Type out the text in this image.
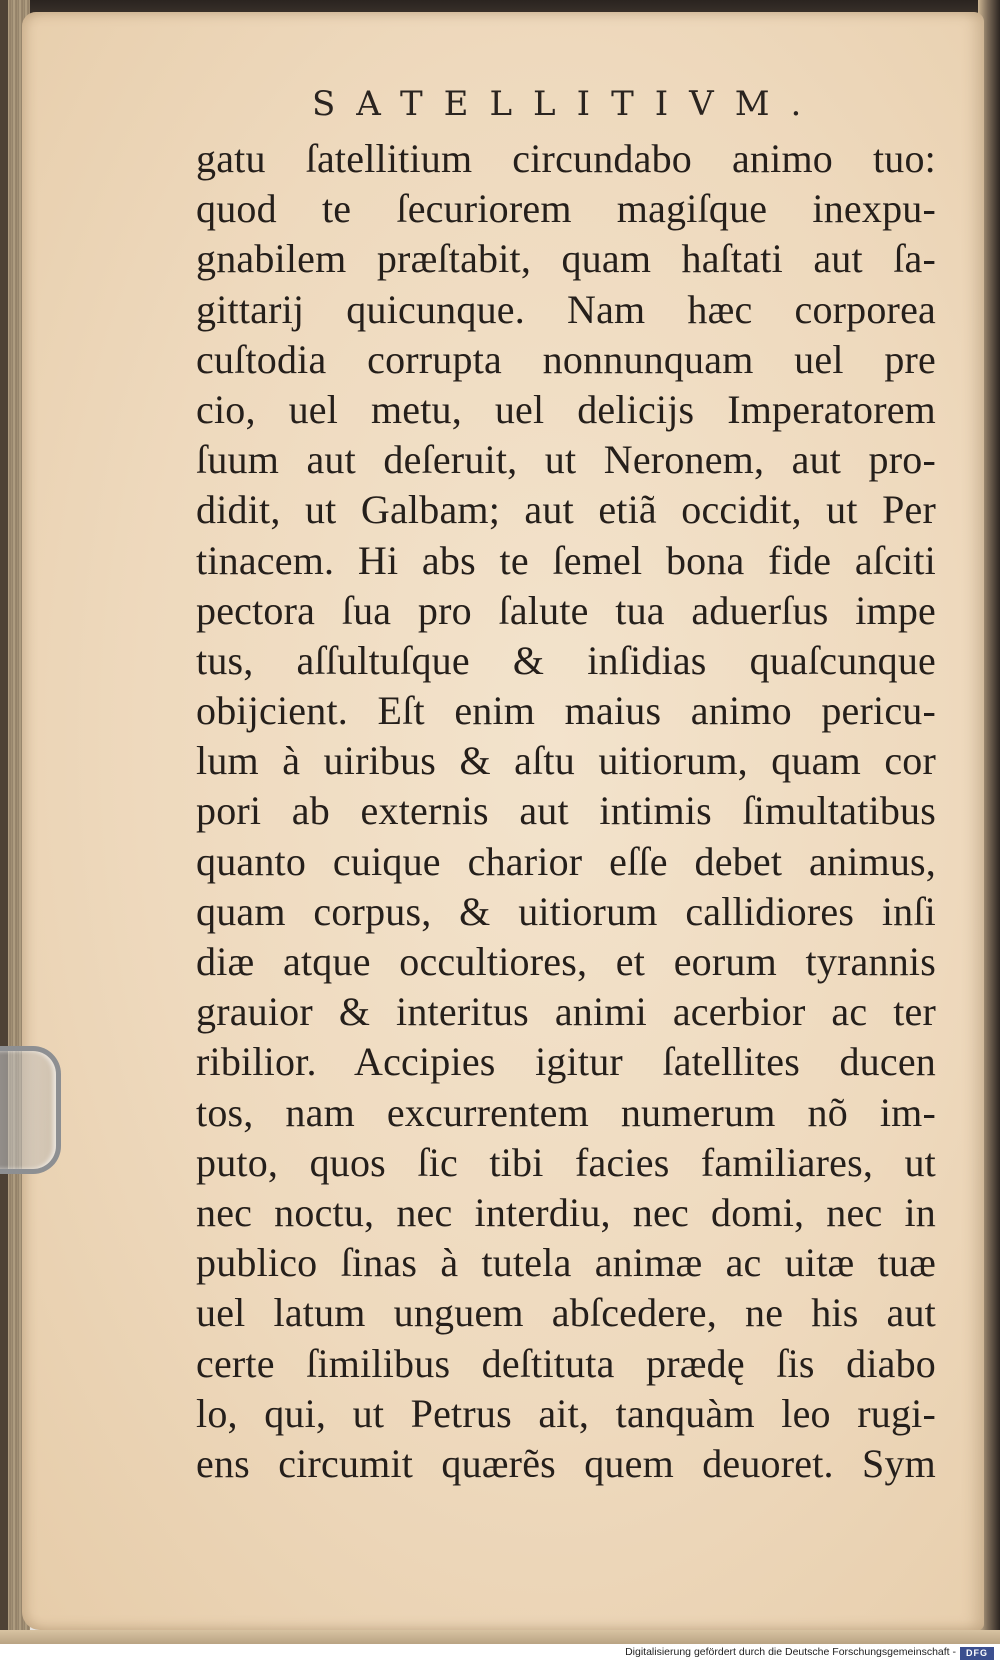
SATELLITIVM.
gatu ſatellitium circundabo animo tuo:
quod te ſecuriorem magiſque inexpu-
gnabilem præſtabit, quam haſtati aut ſa-
gittarij quicunque. Nam hæc corporea
cuſtodia corrupta nonnunquam uel pre
cio, uel metu, uel delicijs Imperatorem
ſuum aut deſeruit, ut Neronem, aut pro-
didit, ut Galbam; aut etiã occidit, ut Per
tinacem. Hi abs te ſemel bona fide aſciti
pectora ſua pro ſalute tua aduerſus impe
tus, aſſultuſque & inſidias quaſcunque
obijcient. Eſt enim maius animo pericu-
lum à uiribus & aſtu uitiorum, quam cor
pori ab externis aut intimis ſimultatibus
quanto cuique charior eſſe debet animus,
quam corpus, & uitiorum callidiores inſi
diæ atque occultiores, et eorum tyrannis
grauior & interitus animi acerbior ac ter
ribilior. Accipies igitur ſatellites ducen
tos, nam excurrentem numerum nõ im-
puto, quos ſic tibi facies familiares, ut
nec noctu, nec interdiu, nec domi, nec in
publico ſinas à tutela animæ ac uitæ tuæ
uel latum unguem abſcedere, ne his aut
certe ſimilibus deſtituta prædę ſis diabo
lo, qui, ut Petrus ait, tanquàm leo rugi-
ens circumit quærẽs quem deuoret. Sym
Digitalisierung gefördert durch die Deutsche Forschungsgemeinschaft -	DFG
